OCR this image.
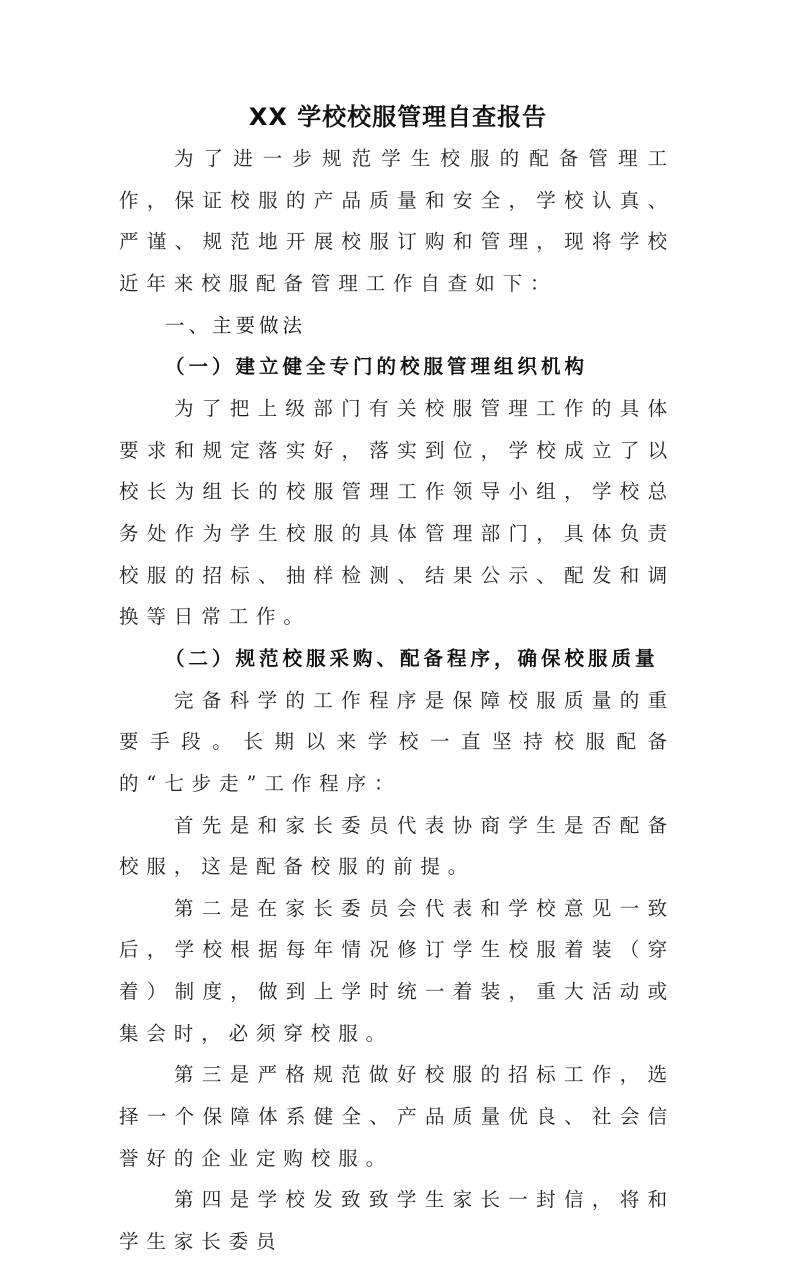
XX 学校校服管理自查报告

为了进一步规范学生校服的配备管理工作，保证校服的产品质量和安全，学校认真、严谨、规范地开展校服订购和管理，现将学校近年来校服配备管理工作自查如下：

一、主要做法

（一）建立健全专门的校服管理组织机构

为了把上级部门有关校服管理工作的具体要求和规定落实好，落实到位，学校成立了以校长为组长的校服管理工作领导小组，学校总务处作为学生校服的具体管理部门，具体负责校服的招标、抽样检测、结果公示、配发和调换等日常工作。

（二）规范校服采购、配备程序，确保校服质量

完备科学的工作程序是保障校服质量的重要手段。长期以来学校一直坚持校服配备的“七步走”工作程序：

首先是和家长委员代表协商学生是否配备校服，这是配备校服的前提。

第二是在家长委员会代表和学校意见一致后，学校根据每年情况修订学生校服着装（穿着）制度，做到上学时统一着装，重大活动或集会时，必须穿校服。

第三是严格规范做好校服的招标工作，选择一个保障体系健全、产品质量优良、社会信誉好的企业定购校服。

第四是学校发致致学生家长一封信，将和学生家长委员
